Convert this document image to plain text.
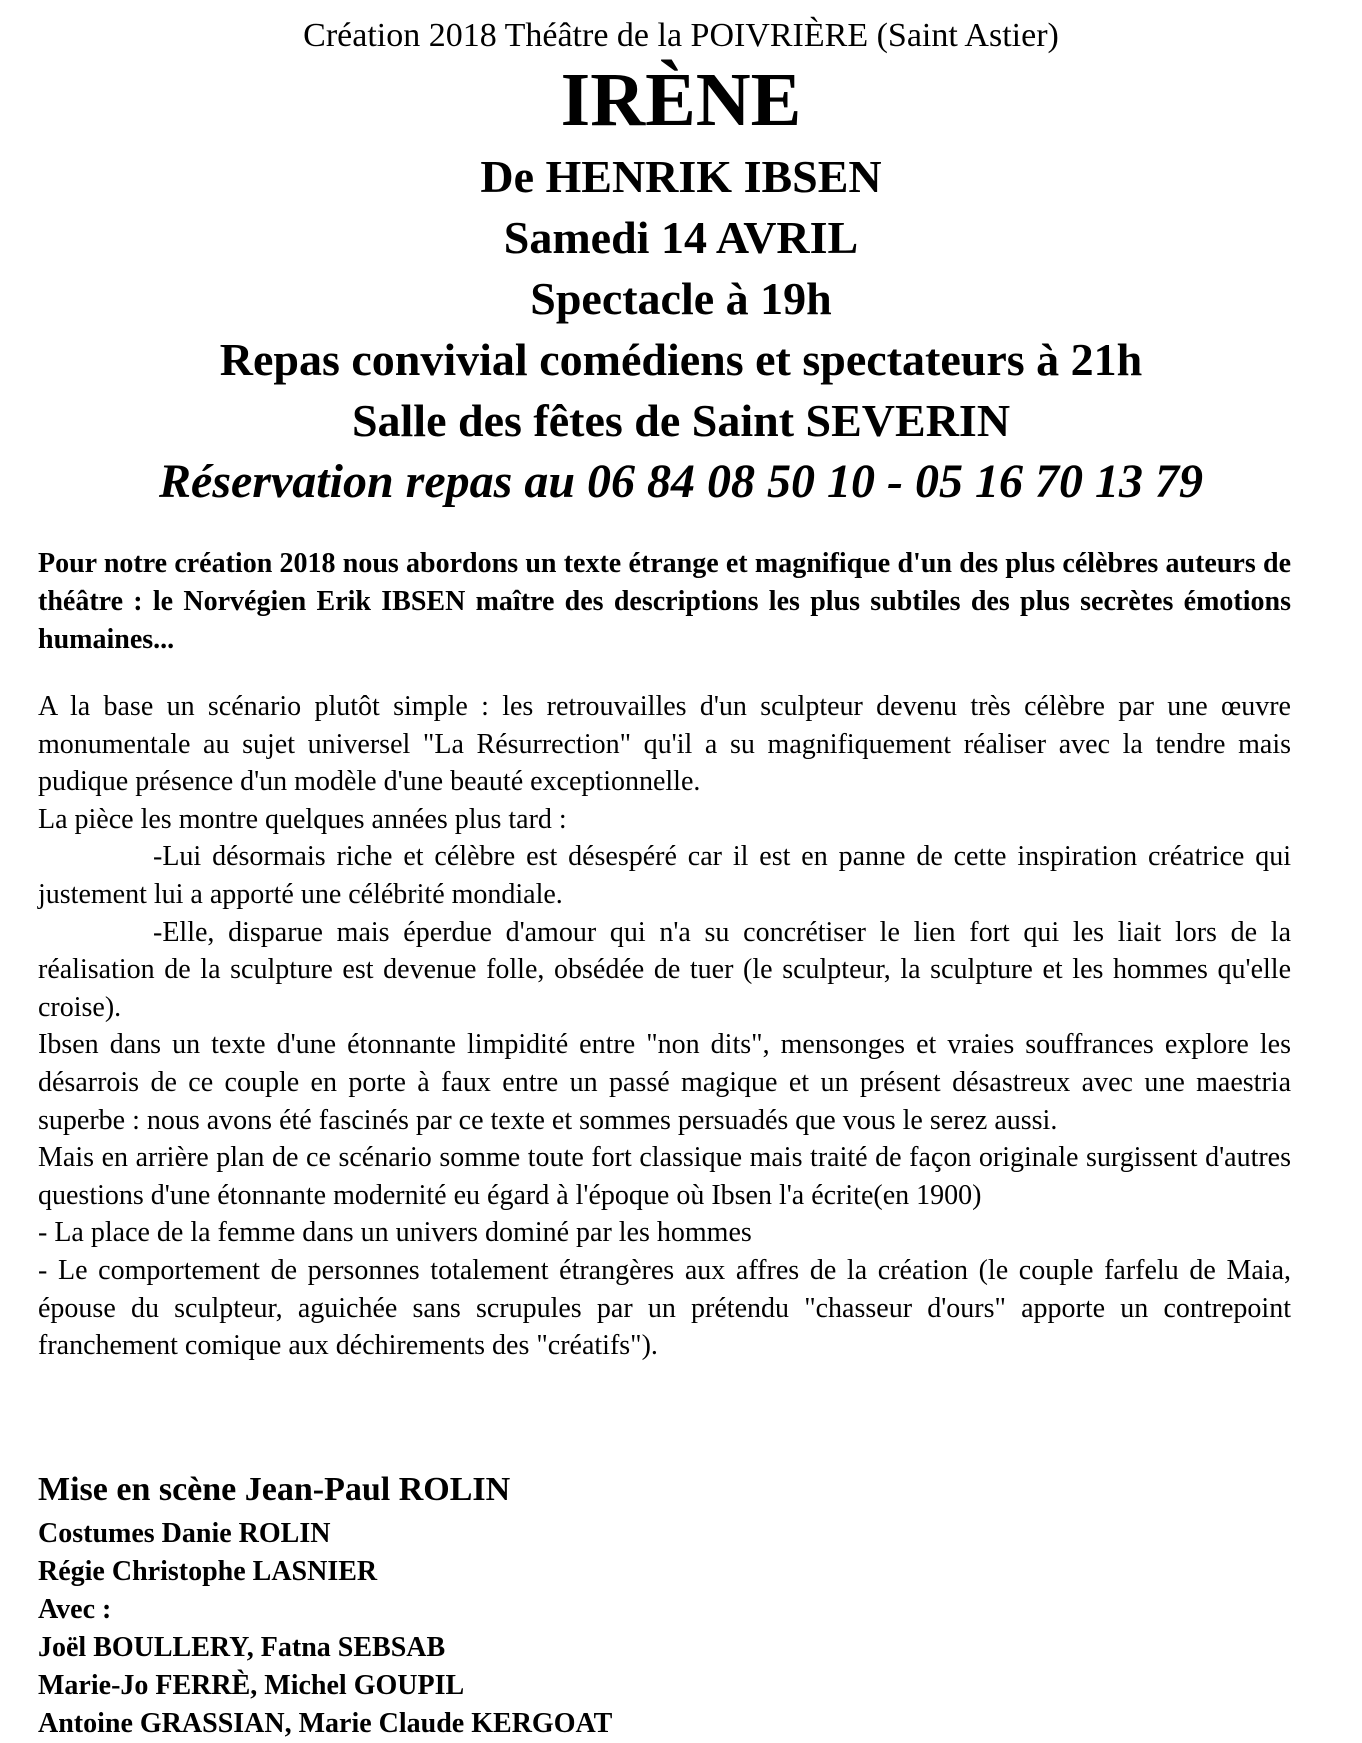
Création 2018 Théâtre de la POIVRIÈRE (Saint Astier)

IRÈNE

De HENRIK IBSEN

Samedi 14 AVRIL

Spectacle à 19h

Repas convivial comédiens et spectateurs à 21h

Salle des fêtes de Saint SEVERIN

Réservation repas au 06 84 08 50 10 - 05 16 70 13 79

Pour notre création 2018 nous abordons un texte étrange et magnifique d'un des plus célèbres auteurs de théâtre : le Norvégien Erik IBSEN maître des descriptions les plus subtiles des plus secrètes émotions humaines...

A la base un scénario plutôt simple : les retrouvailles d'un sculpteur devenu très célèbre par une œuvre monumentale au sujet universel "La Résurrection" qu'il a su magnifiquement réaliser avec la tendre mais pudique présence d'un modèle d'une beauté exceptionnelle.

La pièce les montre quelques années plus tard :

-Lui désormais riche et célèbre est désespéré car il est en panne de cette inspiration créatrice qui justement lui a apporté une célébrité mondiale.

-Elle, disparue mais éperdue d'amour qui n'a su concrétiser le lien fort qui les liait lors de la réalisation de la sculpture est devenue folle, obsédée de tuer (le sculpteur, la sculpture et les hommes qu'elle croise).

Ibsen dans un texte d'une étonnante limpidité entre "non dits", mensonges et vraies souffrances explore les désarrois de ce couple en porte à faux entre un passé magique et un présent désastreux avec une maestria superbe : nous avons été fascinés par ce texte et sommes persuadés que vous le serez aussi.

Mais en arrière plan de ce scénario somme toute fort classique mais traité de façon originale surgissent d'autres questions d'une étonnante modernité eu égard à l'époque où Ibsen l'a écrite(en 1900)

- La place de la femme dans un univers dominé par les hommes

- Le comportement de personnes totalement étrangères aux affres de la création (le couple farfelu de Maia, épouse du sculpteur, aguichée sans scrupules par un prétendu "chasseur d'ours" apporte un contrepoint franchement comique aux déchirements des "créatifs").

Mise en scène Jean-Paul ROLIN

Costumes Danie ROLIN

Régie Christophe LASNIER

Avec :

Joël BOULLERY, Fatna SEBSAB

Marie-Jo FERRÈ, Michel GOUPIL

Antoine GRASSIAN, Marie Claude KERGOAT
